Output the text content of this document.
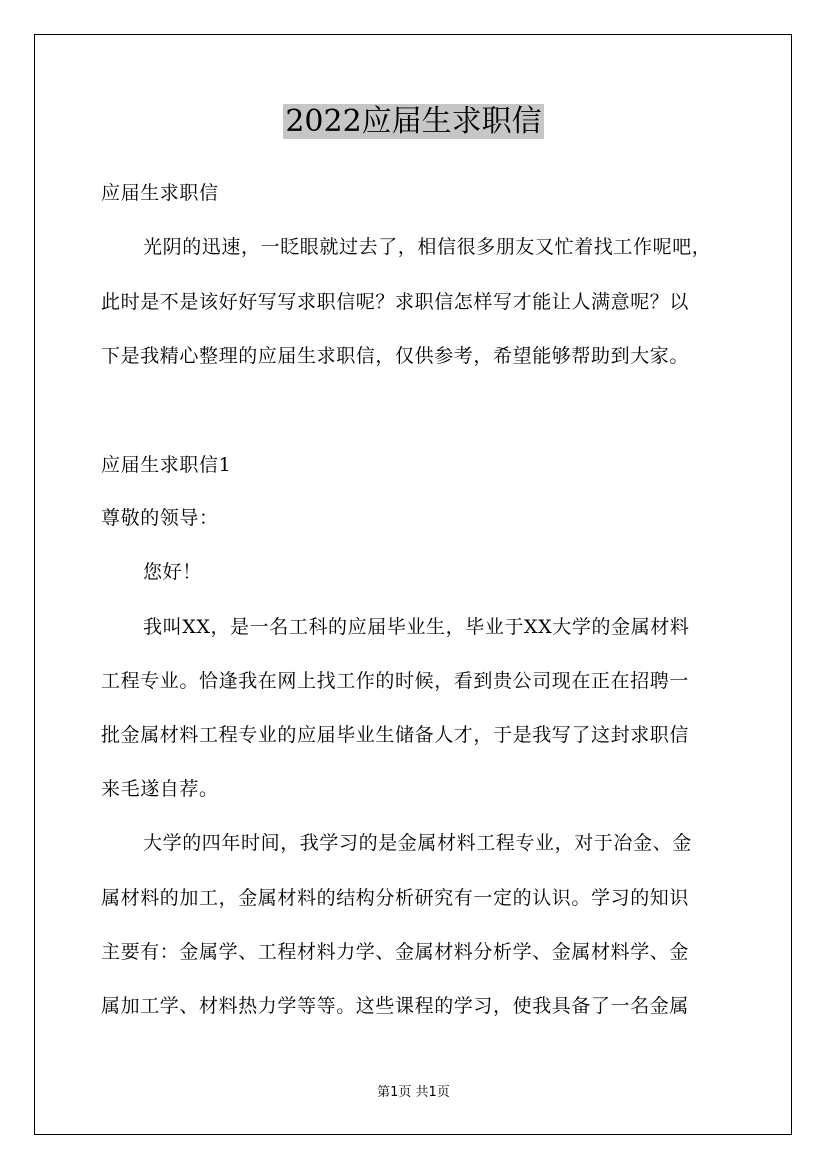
2022应届生求职信
应届生求职信
光阴的迅速，一眨眼就过去了，相信很多朋友又忙着找工作呢吧，
此时是不是该好好写写求职信呢？求职信怎样写才能让人满意呢？以
下是我精心整理的应届生求职信，仅供参考，希望能够帮助到大家。
应届生求职信1
尊敬的领导：
您好！
我叫XX，是一名工科的应届毕业生，毕业于XX大学的金属材料
工程专业。恰逢我在网上找工作的时候，看到贵公司现在正在招聘一
批金属材料工程专业的应届毕业生储备人才，于是我写了这封求职信
来毛遂自荐。
大学的四年时间，我学习的是金属材料工程专业，对于冶金、金
属材料的加工，金属材料的结构分析研究有一定的认识。学习的知识
主要有：金属学、工程材料力学、金属材料分析学、金属材料学、金
属加工学、材料热力学等等。这些课程的学习，使我具备了一名金属
第1页 共1页
